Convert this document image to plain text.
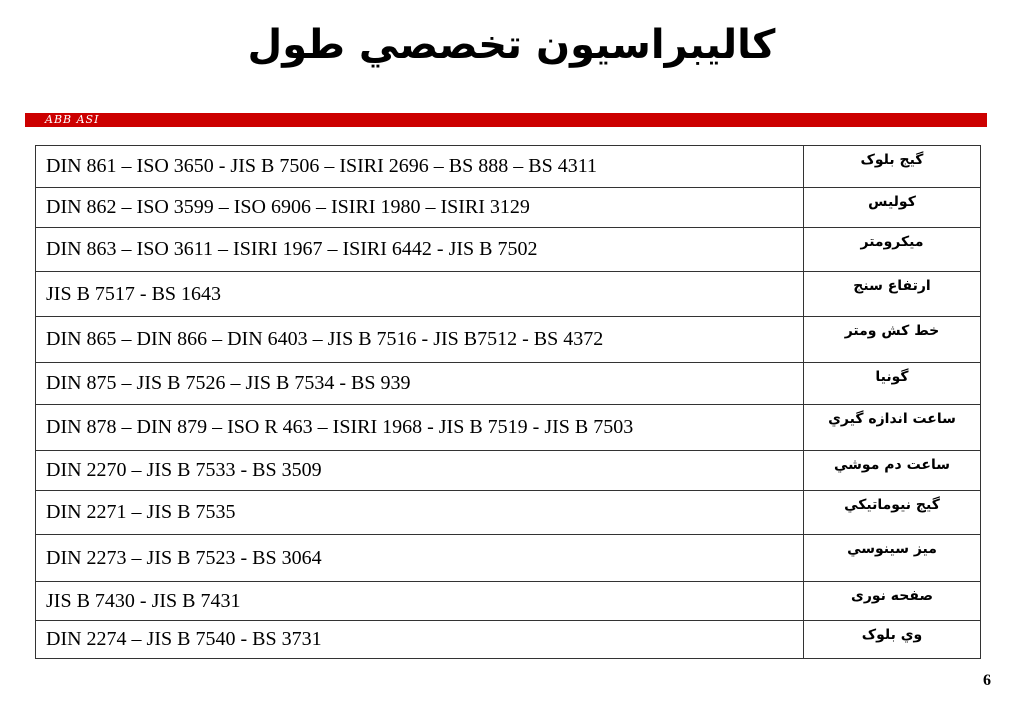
كاليبراسيون تخصصي طول
ABB ASI
DIN 861 – ISO 3650 - JIS B 7506 – ISIRI 2696 – BS 888 – BS 4311	گيج بلوک
DIN 862 – ISO 3599 – ISO 6906 – ISIRI 1980 – ISIRI 3129	کوليس
DIN 863 – ISO 3611 – ISIRI 1967 – ISIRI 6442 - JIS B 7502	ميکرومتر
JIS B 7517 - BS 1643	ارتفاع سنج
DIN 865 – DIN 866 – DIN 6403 – JIS B 7516 - JIS B7512 - BS 4372	خط کش ومتر
DIN 875 – JIS B 7526 – JIS B 7534 - BS 939	گونيا
DIN 878 – DIN 879 – ISO R 463 – ISIRI 1968 - JIS B 7519 - JIS B 7503	ساعت اندازه گيري
DIN 2270 – JIS B 7533 - BS 3509	ساعت دم موشي
DIN 2271 – JIS B 7535	گيج نيوماتيکي
DIN 2273 – JIS B 7523 - BS 3064	ميز سينوسي
JIS B 7430 - JIS B 7431	صفحه نوری
DIN 2274 – JIS B 7540 - BS 3731	وي بلوک
6
